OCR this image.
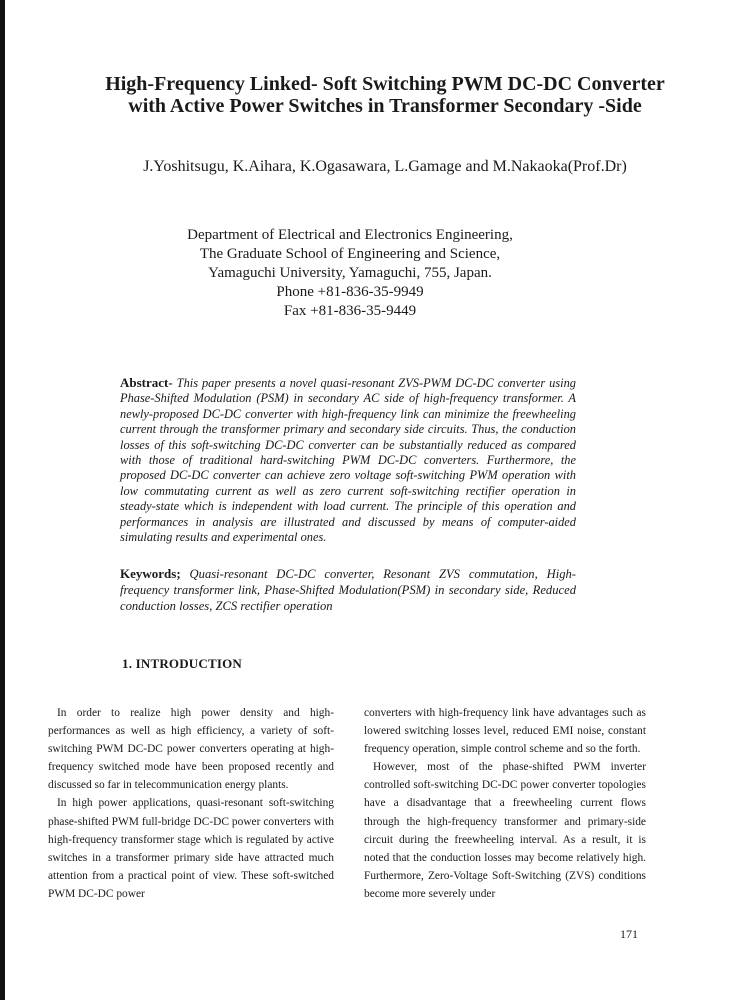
High-Frequency Linked- Soft Switching PWM DC-DC Converter
with Active Power Switches in Transformer Secondary -Side
J.Yoshitsugu, K.Aihara, K.Ogasawara, L.Gamage and M.Nakaoka(Prof.Dr)
Department of Electrical and Electronics Engineering,
The Graduate School of Engineering and Science,
Yamaguchi University, Yamaguchi, 755, Japan.
Phone +81-836-35-9949
Fax +81-836-35-9449

Abstract- This paper presents a novel quasi-resonant ZVS-PWM DC-DC converter using Phase-Shifted Modulation (PSM) in secondary AC side of high-frequency transformer. A newly-proposed DC-DC converter with high-frequency link can minimize the freewheeling current through the transformer primary and secondary side circuits. Thus, the conduction losses of this soft-switching DC-DC converter can be substantially reduced as compared with those of traditional hard-switching PWM DC-DC converters. Furthermore, the proposed DC-DC converter can achieve zero voltage soft-switching PWM operation with low commutating current as well as zero current soft-switching rectifier operation in steady-state which is independent with load current. The principle of this operation and performances in analysis are illustrated and discussed by means of computer-aided simulating results and experimental ones.

Keywords; Quasi-resonant DC-DC converter, Resonant ZVS commutation, High-frequency transformer link, Phase-Shifted Modulation(PSM) in secondary side, Reduced conduction losses, ZCS rectifier operation

1. INTRODUCTION

In order to realize high power density and high-performances as well as high efficiency, a variety of soft-switching PWM DC-DC power converters operating at high-frequency switched mode have been proposed recently and discussed so far in telecommunication energy plants.

In high power applications, quasi-resonant soft-switching phase-shifted PWM full-bridge DC-DC power converters with high-frequency transformer stage which is regulated by active switches in a transformer primary side have attracted much attention from a practical point of view. These soft-switched PWM DC-DC power

converters with high-frequency link have advantages such as lowered switching losses level, reduced EMI noise, constant frequency operation, simple control scheme and so the forth.

However, most of the phase-shifted PWM inverter controlled soft-switching DC-DC power converter topologies have a disadvantage that a freewheeling current flows through the high-frequency transformer and primary-side circuit during the freewheeling interval. As a result, it is noted that the conduction losses may become relatively high. Furthermore, Zero-Voltage Soft-Switching (ZVS) conditions become more severely under

171
